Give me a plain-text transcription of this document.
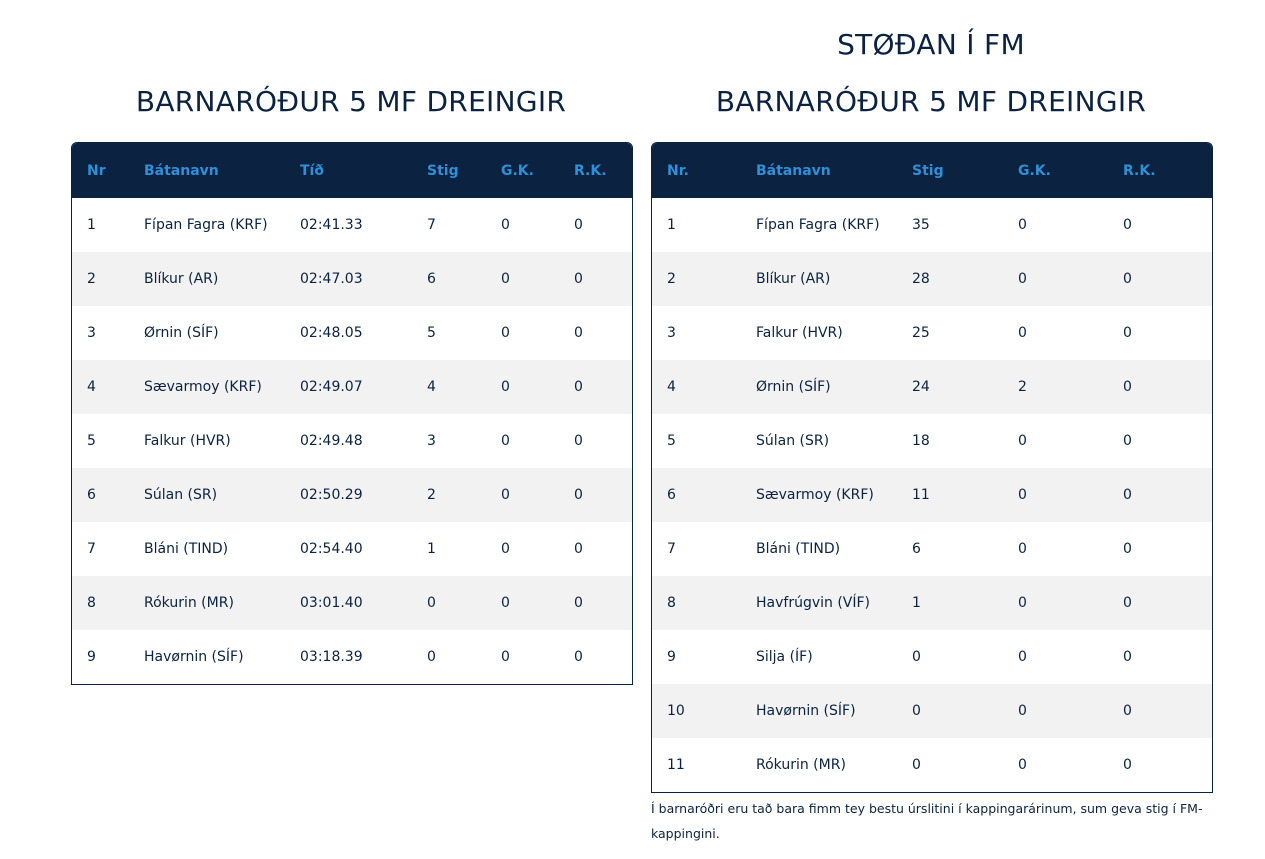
BARNARÓÐUR 5 MF DREINGIR
Nr	Bátanavn	Tíð	Stig	G.K.	R.K.
1	Fípan Fagra (KRF)	02:41.33	7	0	0
2	Blíkur (AR)	02:47.03	6	0	0
3	Ørnin (SÍF)	02:48.05	5	0	0
4	Sævarmoy (KRF)	02:49.07	4	0	0
5	Falkur (HVR)	02:49.48	3	0	0
6	Súlan (SR)	02:50.29	2	0	0
7	Bláni (TIND)	02:54.40	1	0	0
8	Rókurin (MR)	03:01.40	0	0	0
9	Havørnin (SÍF)	03:18.39	0	0	0
STØÐAN Í FM
BARNARÓÐUR 5 MF DREINGIR
Nr.	Bátanavn	Stig	G.K.	R.K.
1	Fípan Fagra (KRF)	35	0	0
2	Blíkur (AR)	28	0	0
3	Falkur (HVR)	25	0	0
4	Ørnin (SÍF)	24	2	0
5	Súlan (SR)	18	0	0
6	Sævarmoy (KRF)	11	0	0
7	Bláni (TIND)	6	0	0
8	Havfrúgvin (VÍF)	1	0	0
9	Silja (ÍF)	0	0	0
10	Havørnin (SÍF)	0	0	0
11	Rókurin (MR)	0	0	0
Í barnaróðri eru tað bara fimm tey bestu úrslitini í kappingarárinum, sum geva stig í FM-kappingini.
